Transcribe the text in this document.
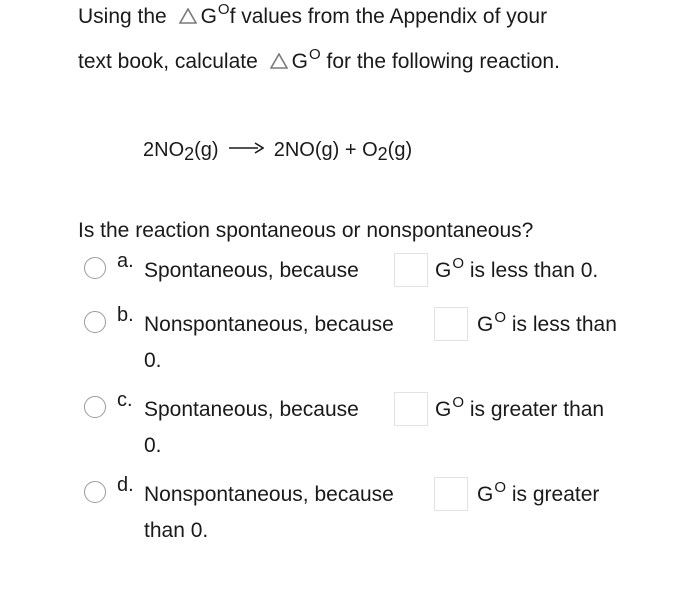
Using the $G^Of$ values from the Appendix of your
text book, calculate $G^O$ for the following reaction.
2NO2(g) → 2NO(g) + O2(g)
Is the reaction spontaneous or nonspontaneous?
a. Spontaneous, because	$G^O$ is less than 0.
b. Nonspontaneous, because	$G^O$ is less than
0.
c. Spontaneous, because	$G^O$ is greater than
0.
d. Nonspontaneous, because	$G^O$ is greater
than 0.
